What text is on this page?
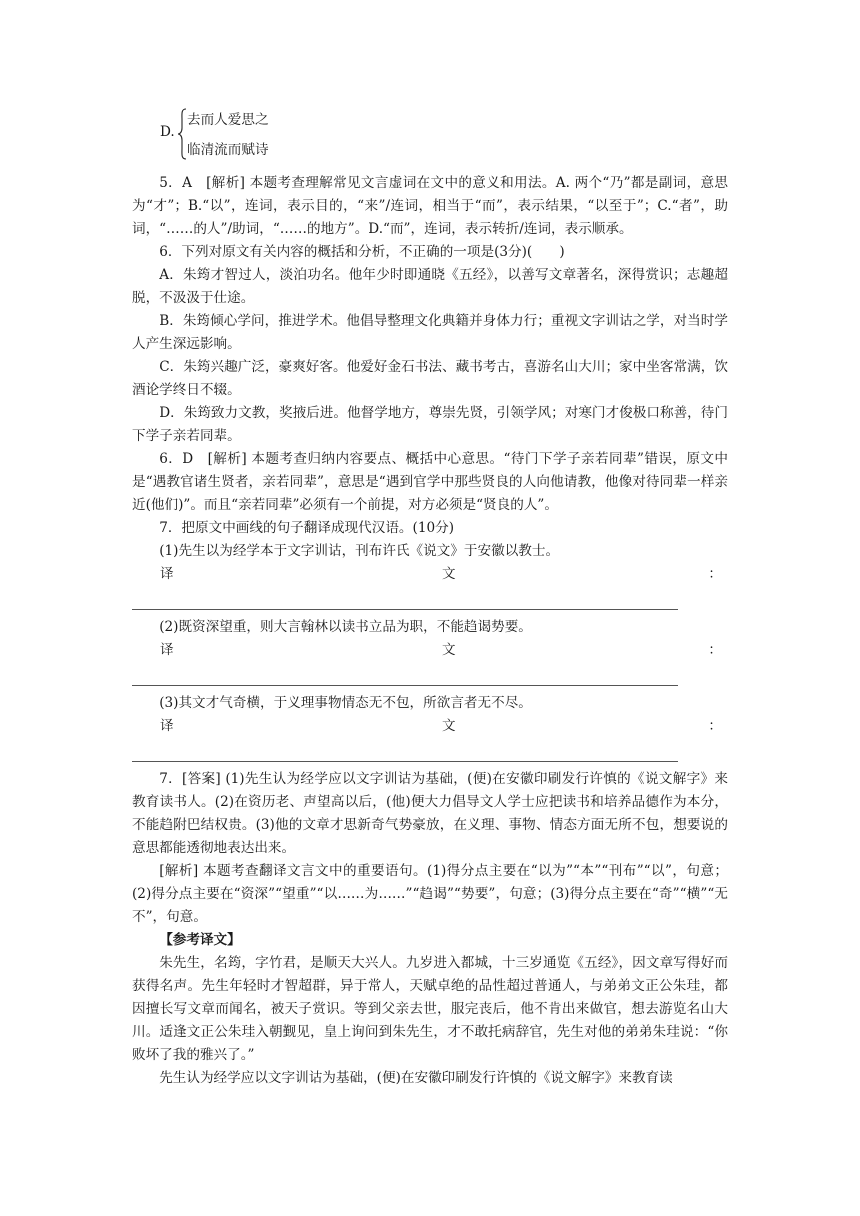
D.
去而人爱思之
临清流而赋诗

5．A　[解析] 本题考查理解常见文言虚词在文中的意义和用法。A. 两个“乃”都是副词，意思为“才”；B.“以”，连词，表示目的，“来”/连词，相当于“而”，表示结果，“以至于”；C.“者”，助词，“……的人”/助词，“……的地方”。D.“而”，连词，表示转折/连词，表示顺承。

6．下列对原文有关内容的概括和分析，不正确的一项是(3分)(　　)

A．朱筠才智过人，淡泊功名。他年少时即通晓《五经》，以善写文章著名，深得赏识；志趣超脱，不汲汲于仕途。

B．朱筠倾心学问，推进学术。他倡导整理文化典籍并身体力行；重视文字训诂之学，对当时学人产生深远影响。

C．朱筠兴趣广泛，豪爽好客。他爱好金石书法、藏书考古，喜游名山大川；家中坐客常满，饮酒论学终日不辍。

D．朱筠致力文教，奖掖后进。他督学地方，尊崇先贤，引领学风；对寒门才俊极口称善，待门下学子亲若同辈。

6．D　[解析] 本题考查归纳内容要点、概括中心意思。“待门下学子亲若同辈”错误，原文中是“遇教官诸生贤者，亲若同辈”，意思是“遇到官学中那些贤良的人向他请教，他像对待同辈一样亲近(他们)”。而且“亲若同辈”必须有一个前提，对方必须是“贤良的人”。

7．把原文中画线的句子翻译成现代汉语。(10分)

(1)先生以为经学本于文字训诂，刊布许氏《说文》于安徽以教士。

译	文	：

(2)既资深望重，则大言翰林以读书立品为职，不能趋谒势要。

译	文	：

(3)其文才气奇横，于义理事物情态无不包，所欲言者无不尽。

译	文	：

7．[答案] (1)先生认为经学应以文字训诂为基础，(便)在安徽印刷发行许慎的《说文解字》来教育读书人。(2)在资历老、声望高以后，(他)便大力倡导文人学士应把读书和培养品德作为本分，不能趋附巴结权贵。(3)他的文章才思新奇气势豪放，在义理、事物、情态方面无所不包，想要说的意思都能透彻地表达出来。

[解析] 本题考查翻译文言文中的重要语句。(1)得分点主要在“以为”“本”“刊布”“以”，句意；(2)得分点主要在“资深”“望重”“以……为……”“趋谒”“势要”，句意；(3)得分点主要在“奇”“横”“无不”，句意。

【参考译文】

朱先生，名筠，字竹君，是顺天大兴人。九岁进入都城，十三岁通览《五经》，因文章写得好而获得名声。先生年轻时才智超群，异于常人，天赋卓绝的品性超过普通人，与弟弟文正公朱珪，都因擅长写文章而闻名，被天子赏识。等到父亲去世，服完丧后，他不肯出来做官，想去游览名山大川。适逢文正公朱珪入朝觐见，皇上询问到朱先生，才不敢托病辞官，先生对他的弟弟朱珪说：“你败坏了我的雅兴了。”

先生认为经学应以文字训诂为基础，(便)在安徽印刷发行许慎的《说文解字》来教育读
